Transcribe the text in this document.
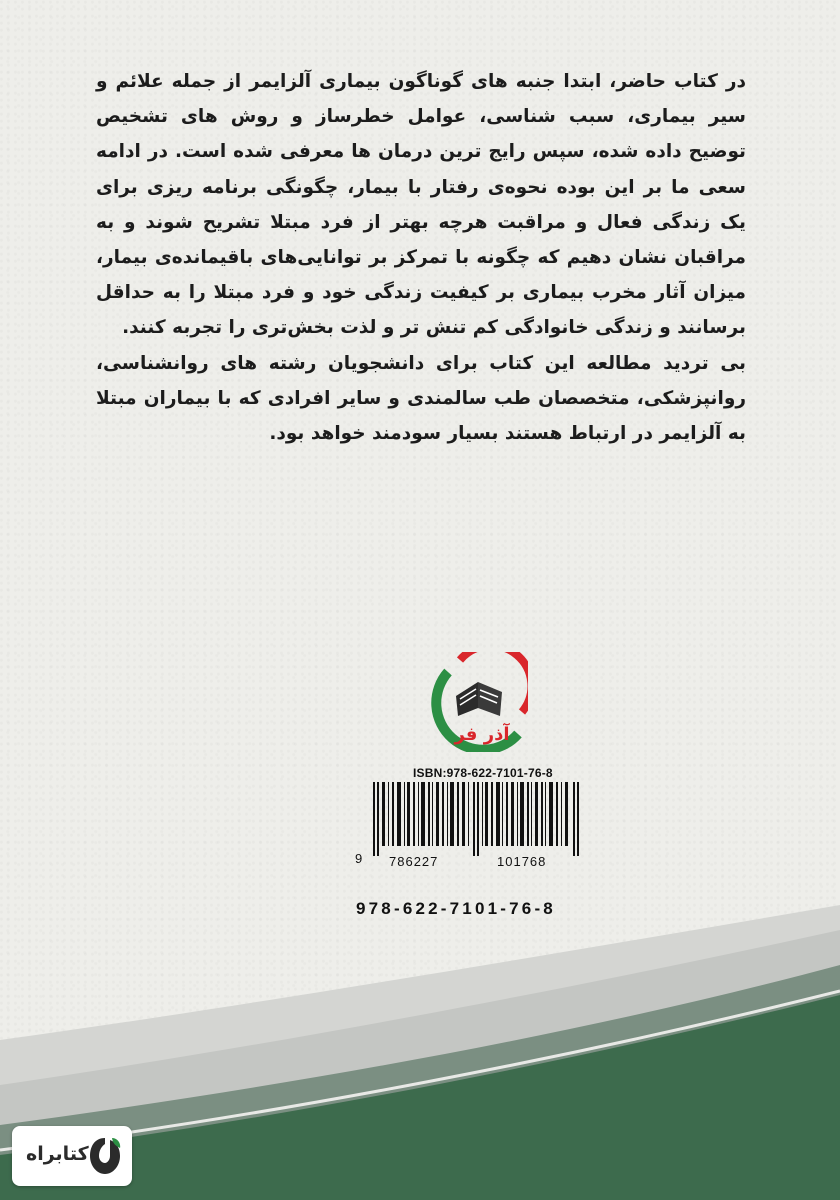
در کتاب حاضر، ابتدا جنبه های گوناگون بیماری آلزایمر از جمله علائم و سیر بیماری، سبب شناسی، عوامل خطرساز و روش های تشخیص توضیح داده شده، سپس رایج ترین درمان ها معرفی شده است. در ادامه سعی ما بر این بوده نحوه‌ی رفتار با بیمار، چگونگی برنامه ریزی برای یک زندگی فعال و مراقبت هرچه بهتر از فرد مبتلا تشریح شوند و به مراقبان نشان دهیم که چگونه با تمرکز بر توانایی‌های باقیمانده‌ی بیمار، میزان آثار مخرب بیماری بر کیفیت زندگی خود و فرد مبتلا را به حداقل برسانند و زندگی خانوادگی کم تنش تر و لذت بخش‌تری را تجربه کنند.

بی تردید مطالعه این کتاب برای دانشجویان رشته های روانشناسی، روانپزشکی، متخصصان طب سالمندی و سایر افرادی که با بیماران مبتلا به آلزایمر در ارتباط هستند بسیار سودمند خواهد بود.

آذر فر
ISBN:978-622-7101-76-8
9 786227	101768
978-622-7101-76-8
کتابراه
